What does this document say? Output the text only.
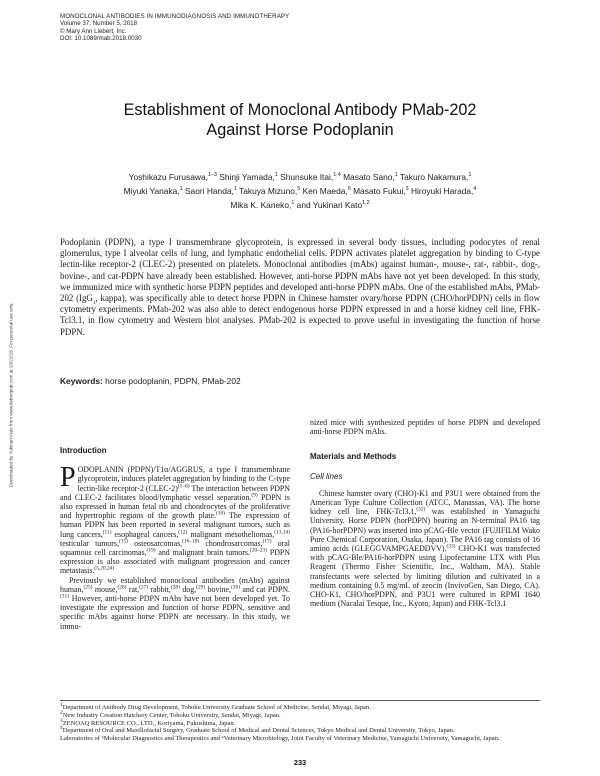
MONOCLONAL ANTIBODIES IN IMMUNODIAGNOSIS AND IMMUNOTHERAPY
Volume 37, Number 5, 2018
© Mary Ann Liebert, Inc.
DOI: 10.1089/mab.2018.0030
Downloaded by Yukinari Kato from www.liebertpub.com at 10/22/18. For personal use only.
Establishment of Monoclonal Antibody PMab-202
Against Horse Podoplanin
Yoshikazu Furusawa,$^{1-3}$ Shinji Yamada,$^1$ Shunsuke Itai,$^{1,4}$ Masato Sano,$^1$ Takuro Nakamura,$^1$
Miyuki Yanaka,$^1$ Saori Handa,$^1$ Takuya Mizuno,$^5$ Ken Maeda,$^6$ Masato Fukui,$^3$ Hiroyuki Harada,$^4$
Mika K. Kaneko,$^1$ and Yukinari Kato$^{1,2}$
Podoplanin (PDPN), a type I transmembrane glycoprotein, is expressed in several body tissues, including podocytes of renal glomerulus, type I alveolar cells of lung, and lymphatic endothelial cells. PDPN activates platelet aggregation by binding to C-type lectin-like receptor-2 (CLEC-2) presented on platelets. Monoclonal antibodies (mAbs) against human-, mouse-, rat-, rabbit-, dog-, bovine-, and cat-PDPN have already been established. However, anti-horse PDPN mAbs have not yet been developed. In this study, we immunized mice with synthetic horse PDPN peptides and developed anti-horse PDPN mAbs. One of the established mAbs, PMab-202 (IgG$_1$, kappa), was specifically able to detect horse PDPN in Chinese hamster ovary/horse PDPN (CHO/horPDPN) cells in flow cytometry experiments. PMab-202 was also able to detect endogenous horse PDPN expressed in and a horse kidney cell line, FHK-Tcl3.1, in flow cytometry and Western blot analyses. PMab-202 is expected to prove useful in investigating the function of horse PDPN.
Keywords: horse podoplanin, PDPN, PMab-202
Introduction

PODOPLANIN (PDPN)/T1α/AGGRUS, a type I transmembrane glycoprotein, induces platelet aggregation by binding to the C-type lectin-like receptor-2 (CLEC-2)$^{(1-8)}$ The interaction between PDPN and CLEC-2 facilitates blood/lymphatic vessel separation.$^{(9)}$ PDPN is also expressed in human fetal rib and chondrocytes of the proliferative and hypertrophic regions of the growth plate.$^{(10)}$ The expression of human PDPN has been reported in several malignant tumors, such as lung cancers,$^{(11)}$ esophageal cancers,$^{(12)}$ malignant mesotheliomas,$^{(13,14)}$ testicular tumors,$^{(15)}$ osteosarcomas,$^{(16-18)}$ chondrosarcomas,$^{(17)}$ oral squamous cell carcinomas,$^{(19)}$ and malignant brain tumors.$^{(20-23)}$ PDPN expression is also associated with malignant progression and cancer metastasis.$^{(5,20,24)}$

Previously we established monoclonal antibodies (mAbs) against human,$^{(25)}$ mouse,$^{(26)}$ rat,$^{(27)}$ rabbit,$^{(28)}$ dog,$^{(29)}$ bovine,$^{(30)}$ and cat PDPN.$^{(31)}$ However, anti-horse PDPN mAbs have not been developed yet. To investigate the expression and function of horse PDPN, sensitive and specific mAbs against horse PDPN are necessary. In this study, we immu-

nized mice with synthesized peptides of horse PDPN and developed anti-horse PDPN mAbs.

Materials and Methods
Cell lines

Chinese hamster ovary (CHO)-K1 and P3U1 were obtained from the American Type Culture Collection (ATCC, Manassas, VA). The horse kidney cell line, FHK-Tcl3.1,$^{(32)}$ was established in Yamaguchi University. Horse PDPN (horPDPN) bearing an N-terminal PA16 tag (PA16-horPDPN) was inserted into pCAG-Ble vector (FUJIFILM Wako Pure Chemical Corporation, Osaka, Japan). The PA16 tag consists of 16 amino acids (GLEGGVAMPGAEDDVV).$^{(33)}$ CHO-K1 was transfected with pCAG-Ble/PA16-horPDPN using Lipofectamine LTX with Plus Reagent (Thermo Fisher Scientific, Inc., Waltham, MA). Stable transfectants were selected by limiting dilution and cultivated in a medium containing 0.5 mg/mL of zeocin (InvivoGen, San Diego, CA). CHO-K1, CHO/horPDPN, and P3U1 were cultured in RPMI 1640 medium (Nacalai Tesque, Inc., Kyoto, Japan) and FHK-Tcl3.1

$^1$Department of Antibody Drug Development, Tohoku University Graduate School of Medicine, Sendai, Miyagi, Japan.
$^2$New Industry Creation Hatchery Center, Tohoku University, Sendai, Miyagi, Japan.
$^3$ZENOAQ RESOURCE CO., LTD., Koriyama, Fukushima, Japan.
$^4$Department of Oral and Maxillofacial Surgery, Graduate School of Medical and Dental Sciences, Tokyo Medical and Dental University, Tokyo, Japan.
Laboratories of ⁵Molecular Diagnostics and Therapeutics and ⁶Veterinary Microbiology, Joint Faculty of Veterinary Medicine, Yamaguchi University, Yamaguchi, Japan.
233
